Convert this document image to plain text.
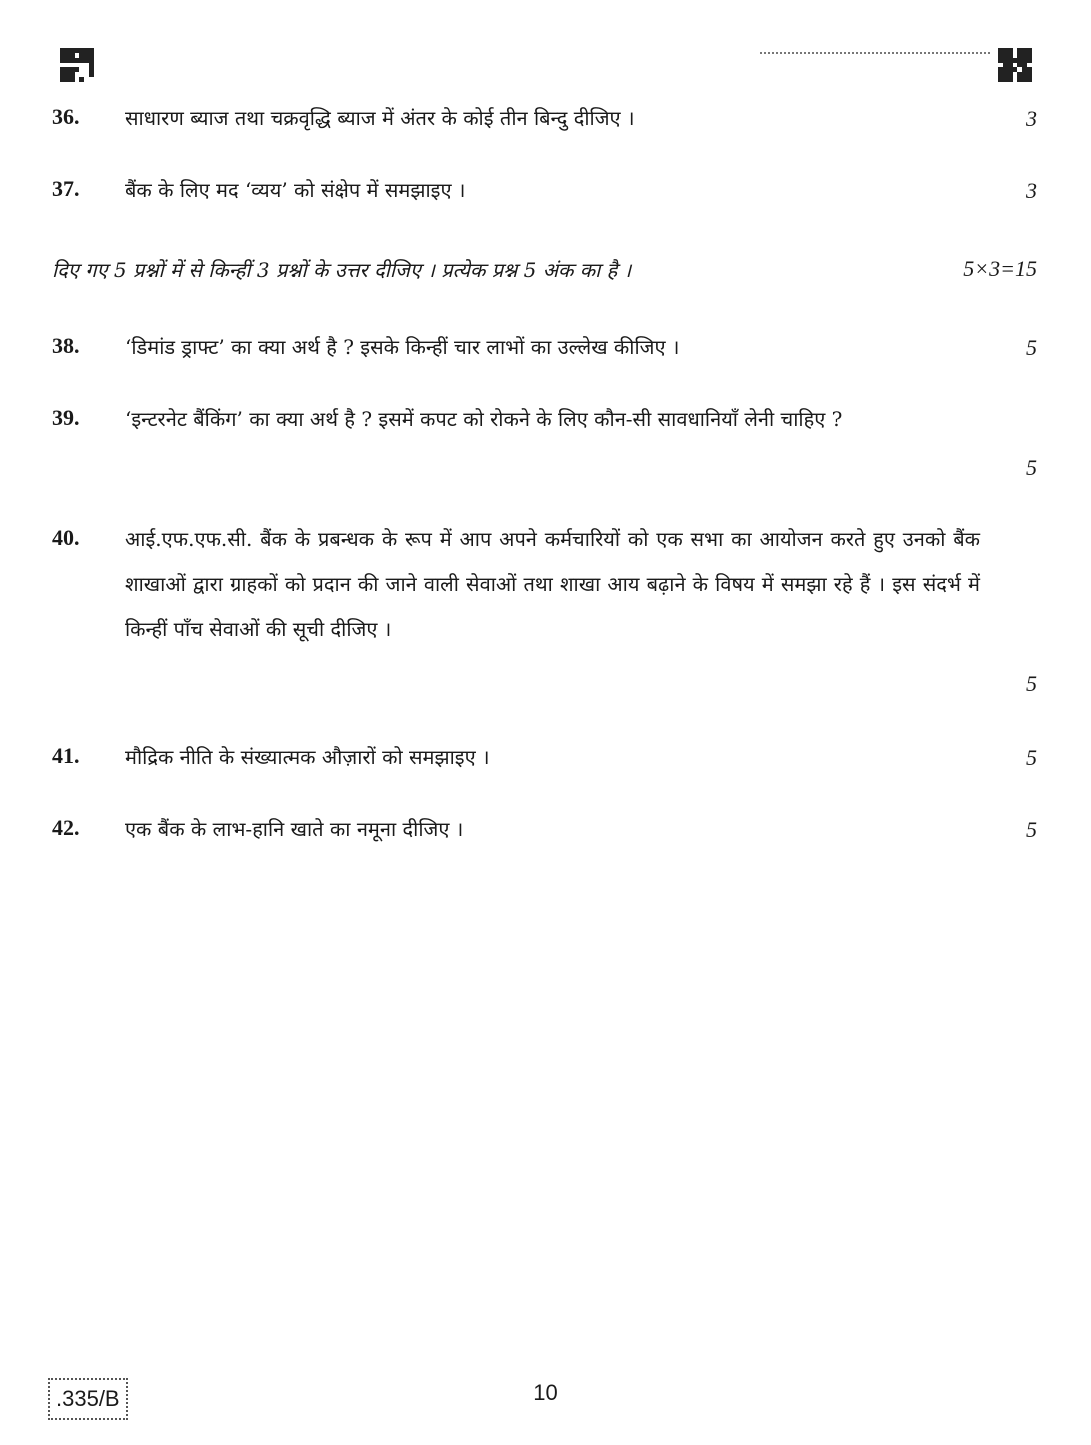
36. साधारण ब्याज तथा चक्रवृद्धि ब्याज में अंतर के कोई तीन बिन्दु दीजिए ।	3
37. बैंक के लिए मद ‘व्यय’ को संक्षेप में समझाइए ।	3
दिए गए 5 प्रश्नों में से किन्हीं 3 प्रश्नों के उत्तर दीजिए । प्रत्येक प्रश्न 5 अंक का है ।	5×3=15
38. ‘डिमांड ड्राफ्ट’ का क्या अर्थ है ? इसके किन्हीं चार लाभों का उल्लेख कीजिए ।	5
39. ‘इन्टरनेट बैंकिंग’ का क्या अर्थ है ? इसमें कपट को रोकने के लिए कौन-सी सावधानियाँ लेनी चाहिए ?
5
40. आई.एफ.एफ.सी. बैंक के प्रबन्धक के रूप में आप अपने कर्मचारियों को एक सभा का आयोजन करते हुए उनको बैंक शाखाओं द्वारा ग्राहकों को प्रदान की जाने वाली सेवाओं तथा शाखा आय बढ़ाने के विषय में समझा रहे हैं । इस संदर्भ में किन्हीं पाँच सेवाओं की सूची दीजिए ।
5
41. मौद्रिक नीति के संख्यात्मक औज़ारों को समझाइए ।	5
42. एक बैंक के लाभ-हानि खाते का नमूना दीजिए ।	5
.335/B	10
